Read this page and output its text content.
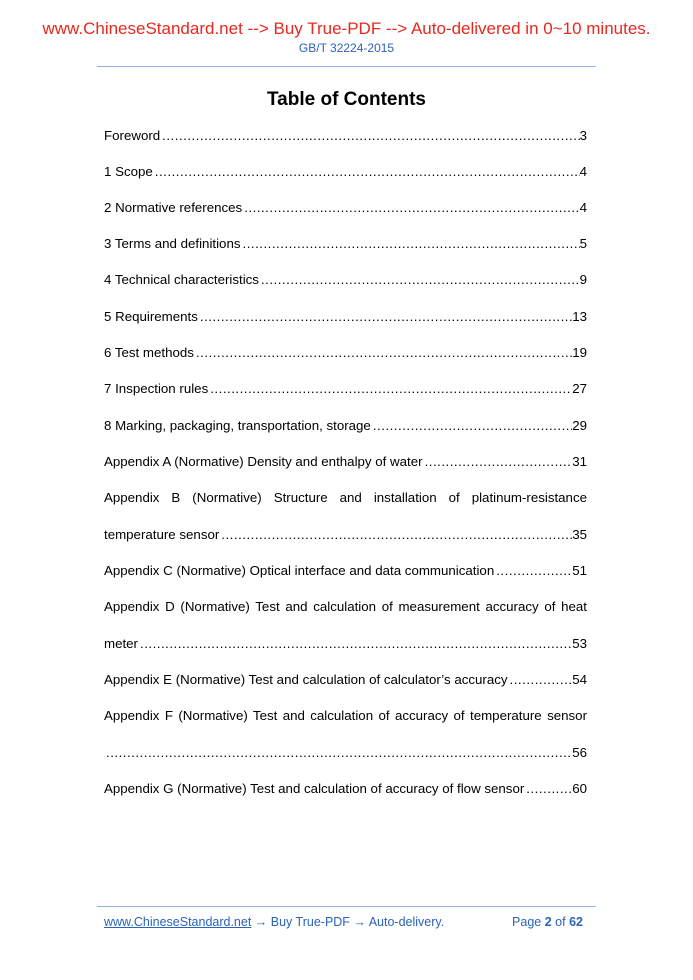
www.ChineseStandard.net --> Buy True-PDF --> Auto-delivered in 0~10 minutes.
GB/T 32224-2015
Table of Contents
Foreword .....	3
1 Scope .....	4
2 Normative references .....	4
3 Terms and definitions .....	5
4 Technical characteristics .....	9
5 Requirements .....	13
6 Test methods .....	19
7 Inspection rules .....	27
8 Marking, packaging, transportation, storage .....	29
Appendix A (Normative) Density and enthalpy of water .....	31
Appendix B (Normative) Structure and installation of platinum-resistance
temperature sensor .....	35
Appendix C (Normative) Optical interface and data communication .....	51
Appendix D (Normative) Test and calculation of measurement accuracy of heat
meter .....	53
Appendix E (Normative) Test and calculation of calculator’s accuracy .....	54
Appendix F (Normative) Test and calculation of accuracy of temperature sensor
.....
56
Appendix G (Normative) Test and calculation of accuracy of flow sensor .....	60
www.ChineseStandard.net → Buy True-PDF → Auto-delivery.	Page 2 of 62
